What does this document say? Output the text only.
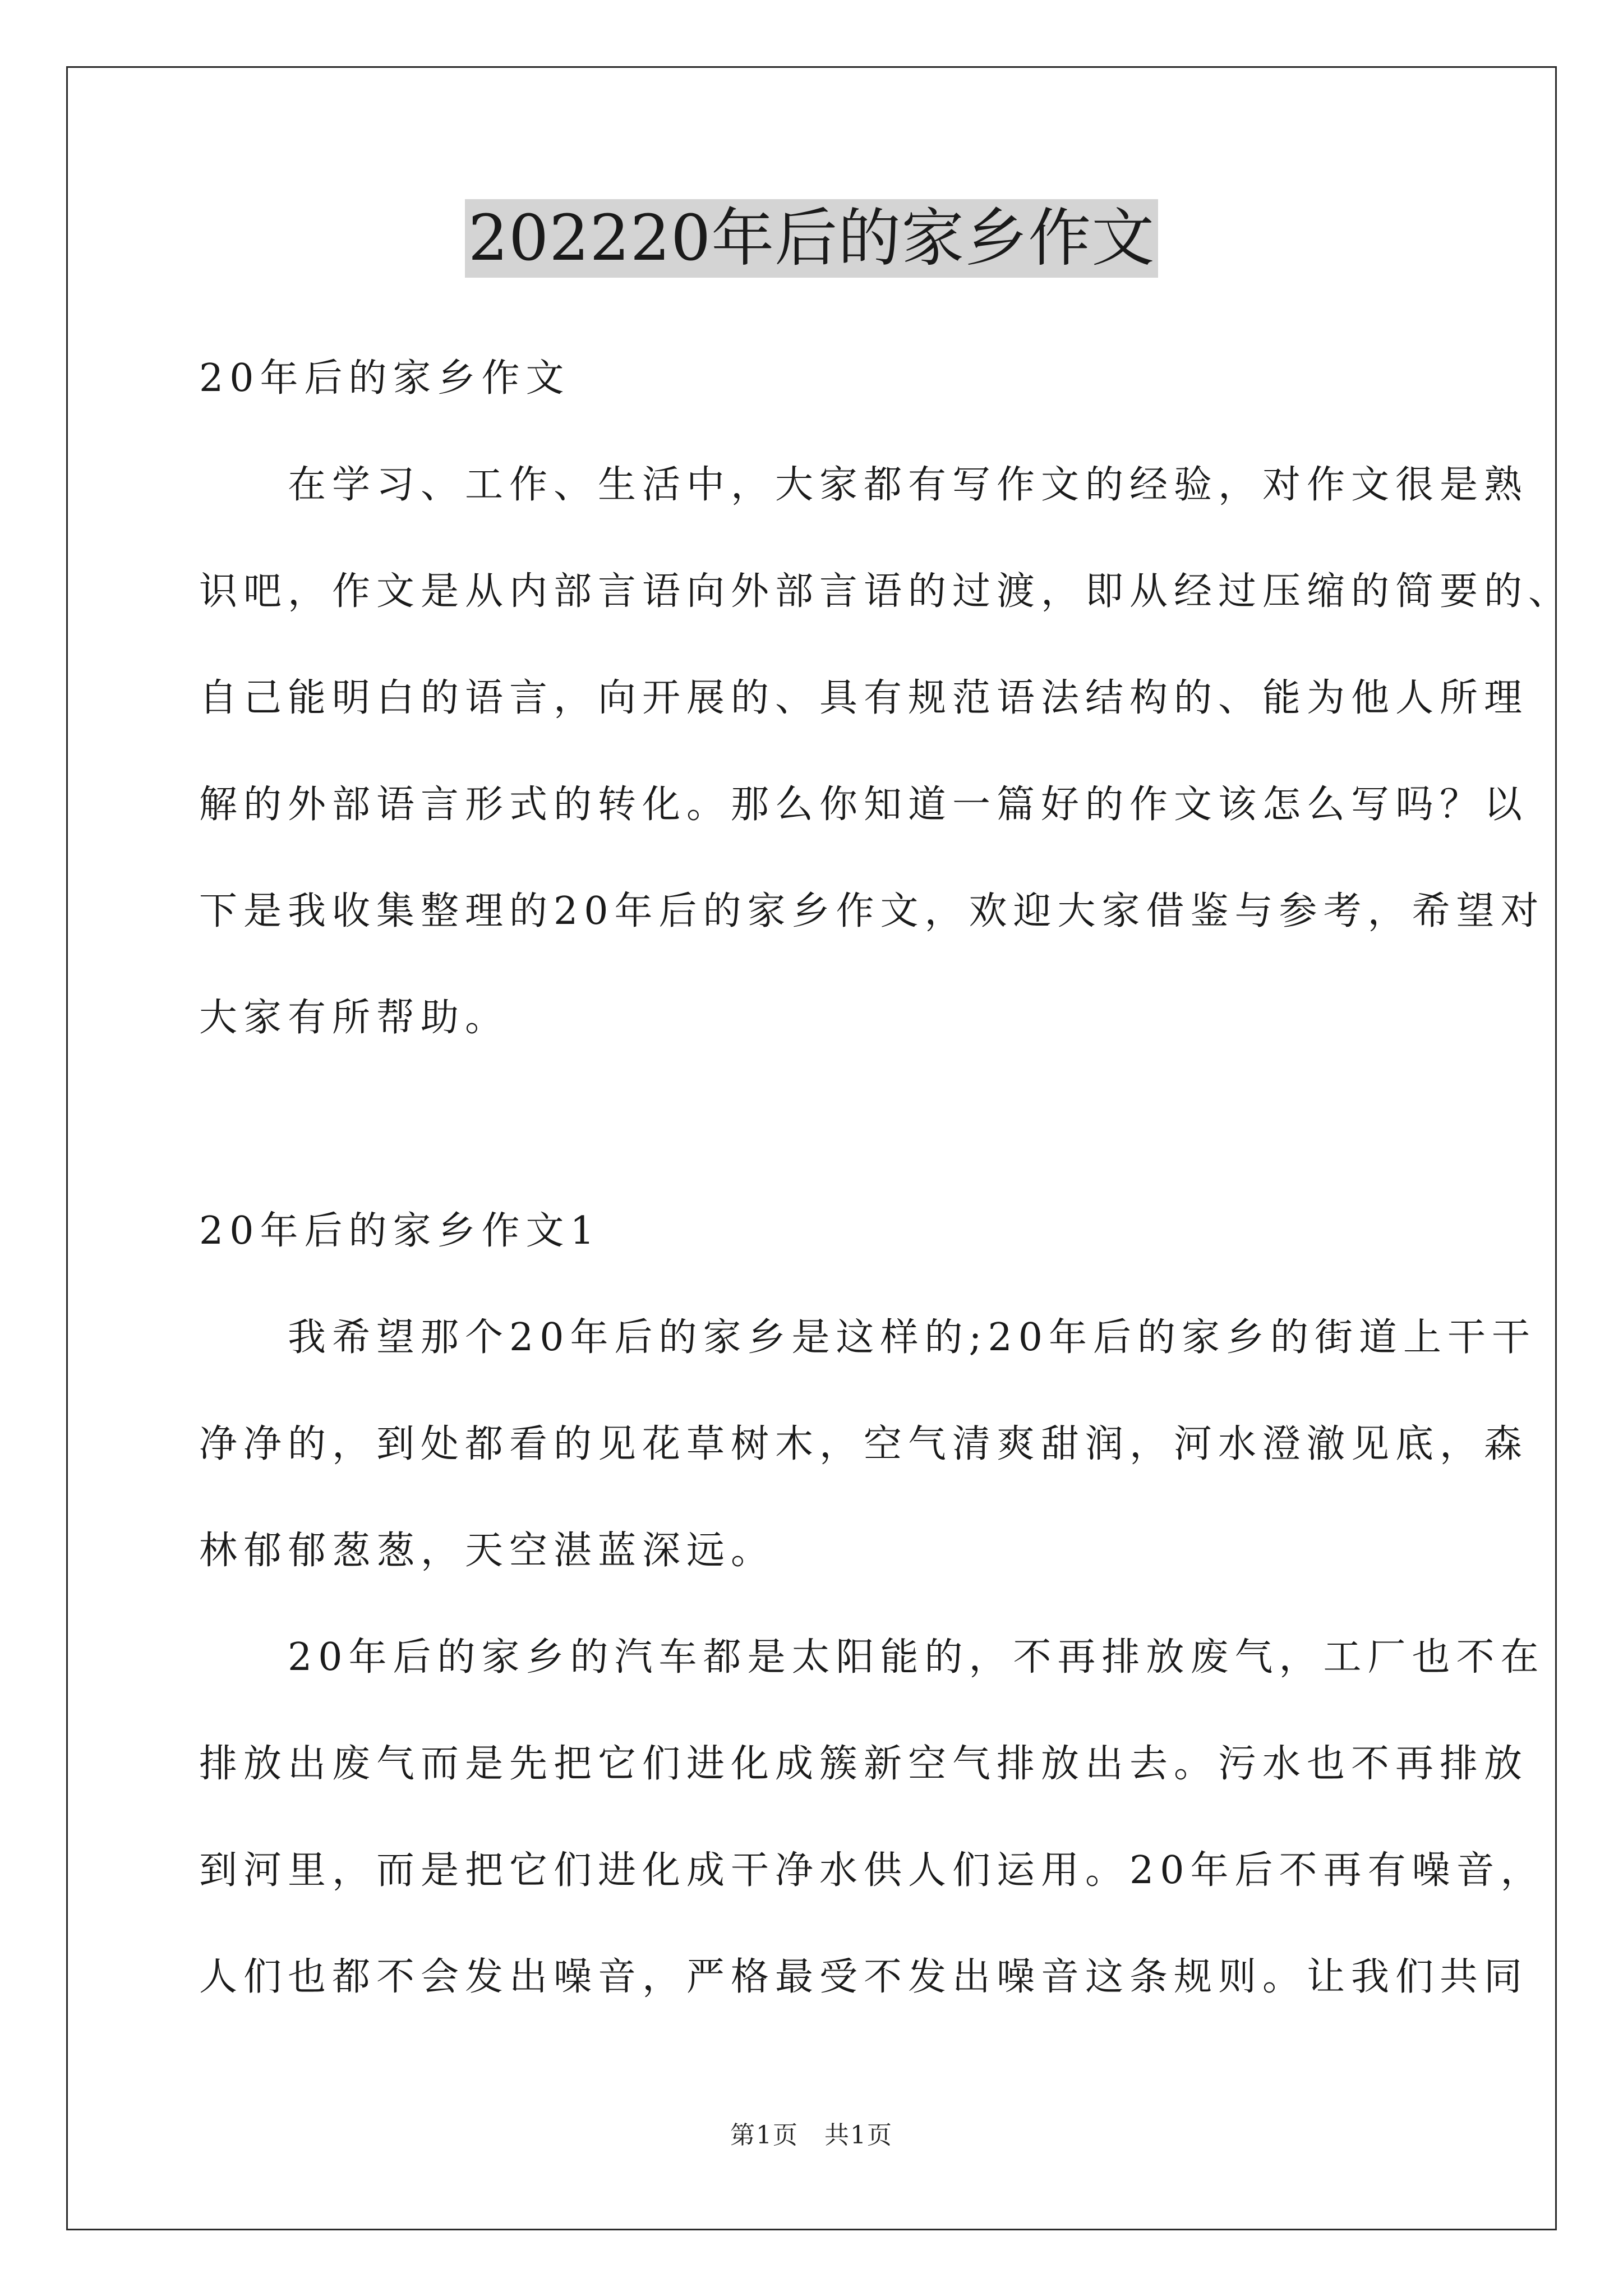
202220年后的家乡作文
20年后的家乡作文
　　在学习、工作、生活中，大家都有写作文的经验，对作文很是熟
识吧，作文是从内部言语向外部言语的过渡，即从经过压缩的简要的、
自己能明白的语言，向开展的、具有规范语法结构的、能为他人所理
解的外部语言形式的转化。那么你知道一篇好的作文该怎么写吗？以
下是我收集整理的20年后的家乡作文，欢迎大家借鉴与参考，希望对
大家有所帮助。
20年后的家乡作文1
　　我希望那个20年后的家乡是这样的;20年后的家乡的街道上干干
净净的，到处都看的见花草树木，空气清爽甜润，河水澄澈见底，森
林郁郁葱葱，天空湛蓝深远。
　　20年后的家乡的汽车都是太阳能的，不再排放废气，工厂也不在
排放出废气而是先把它们进化成簇新空气排放出去。污水也不再排放
到河里，而是把它们进化成干净水供人们运用。20年后不再有噪音，
人们也都不会发出噪音，严格最受不发出噪音这条规则。让我们共同
第1页　共1页
